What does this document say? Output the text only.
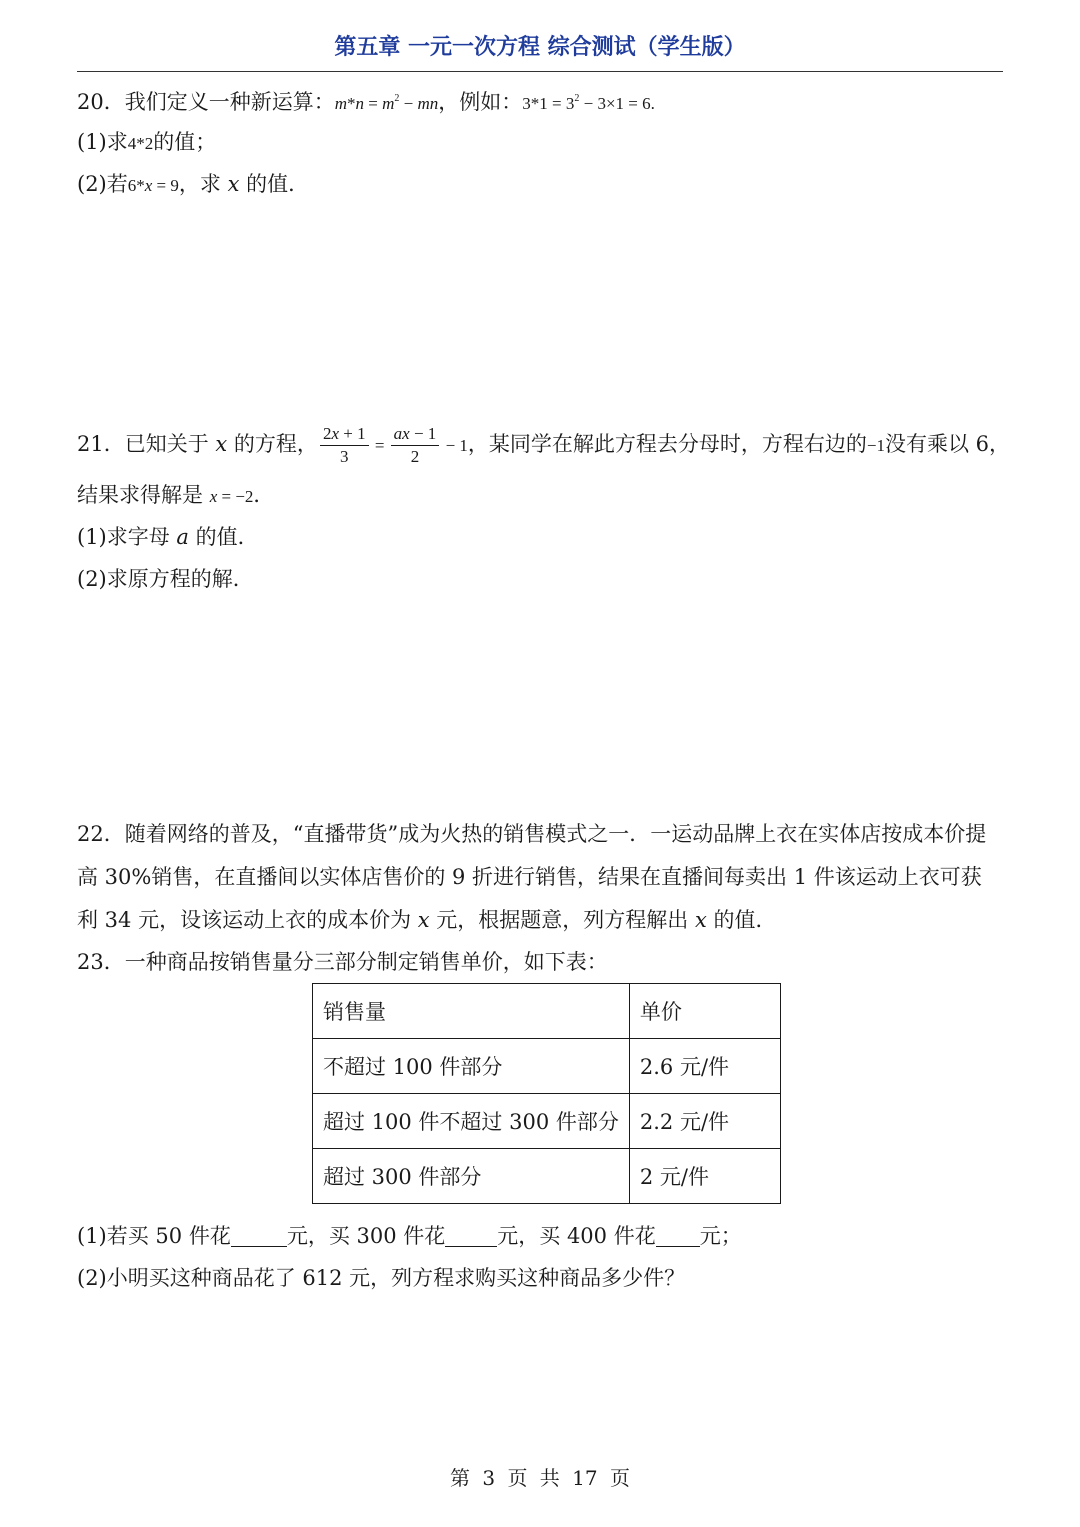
第五章 一元一次方程 综合测试（学生版）
20．我们定义一种新运算：$m*n = m^2$ − mn，例如：$3*1 = 3^2 - 3\times 1 = 6$.
(1)求4*2的值；
(2)若6*x = 9，求 x 的值．
21．已知关于 x 的方程， $\frac{2x + 1}{3} = \frac{ax - 1}{2} - 1$，某同学在解此方程去分母时，方程右边的−1没有乘以 6，
结果求得解是 x = −2．
(1)求字母 a 的值．
(2)求原方程的解．
22．随着网络的普及，“直播带货”成为火热的销售模式之一．一运动品牌上衣在实体店按成本价提
高 30%销售，在直播间以实体店售价的 9 折进行销售，结果在直播间每卖出 1 件该运动上衣可获
利 34 元，设该运动上衣的成本价为 x 元，根据题意，列方程解出 x 的值．
23．一种商品按销售量分三部分制定销售单价，如下表：
销售量	单价
不超过 100 件部分	2.6 元/件
超过 100 件不超过 300 件部分	2.2 元/件
超过 300 件部分	2 元/件
(1)若买 50 件花	元，买 300 件花 元，买 400 件花 元；
(2)小明买这种商品花了 612 元，列方程求购买这种商品多少件？
第 3 页 共 17 页
